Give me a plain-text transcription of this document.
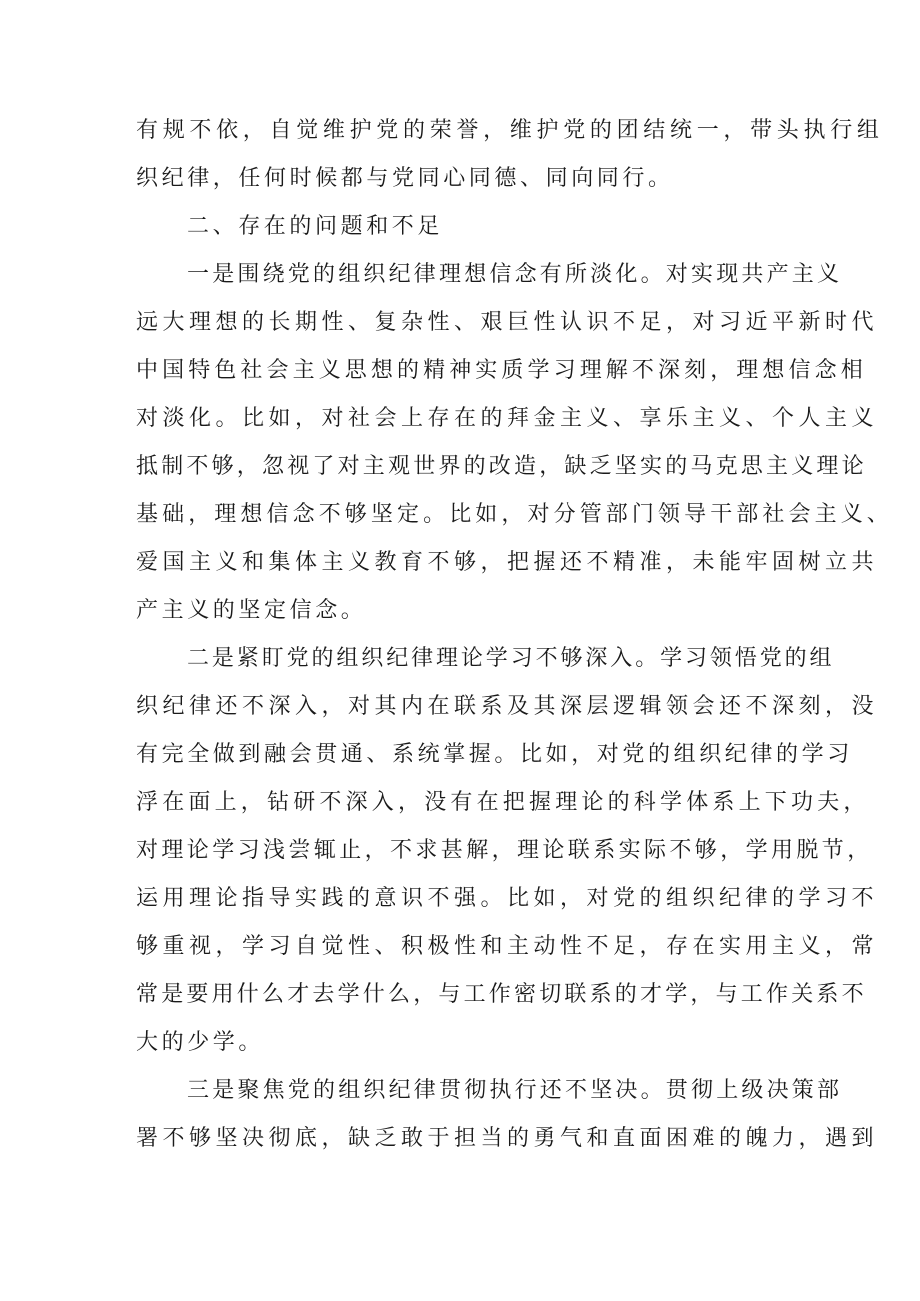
有规不依，自觉维护党的荣誉，维护党的团结统一，带头执行组
织纪律，任何时候都与党同心同德、同向同行。
二、存在的问题和不足
一是围绕党的组织纪律理想信念有所淡化。对实现共产主义
远大理想的长期性、复杂性、艰巨性认识不足，对习近平新时代
中国特色社会主义思想的精神实质学习理解不深刻，理想信念相
对淡化。比如，对社会上存在的拜金主义、享乐主义、个人主义
抵制不够，忽视了对主观世界的改造，缺乏坚实的马克思主义理论
基础，理想信念不够坚定。比如，对分管部门领导干部社会主义、
爱国主义和集体主义教育不够，把握还不精准，未能牢固树立共
产主义的坚定信念。
二是紧盯党的组织纪律理论学习不够深入。学习领悟党的组
织纪律还不深入，对其内在联系及其深层逻辑领会还不深刻，没
有完全做到融会贯通、系统掌握。比如，对党的组织纪律的学习
浮在面上，钻研不深入，没有在把握理论的科学体系上下功夫，
对理论学习浅尝辄止，不求甚解，理论联系实际不够，学用脱节，
运用理论指导实践的意识不强。比如，对党的组织纪律的学习不
够重视，学习自觉性、积极性和主动性不足，存在实用主义，常
常是要用什么才去学什么，与工作密切联系的才学，与工作关系不
大的少学。
三是聚焦党的组织纪律贯彻执行还不坚决。贯彻上级决策部
署不够坚决彻底，缺乏敢于担当的勇气和直面困难的魄力，遇到
